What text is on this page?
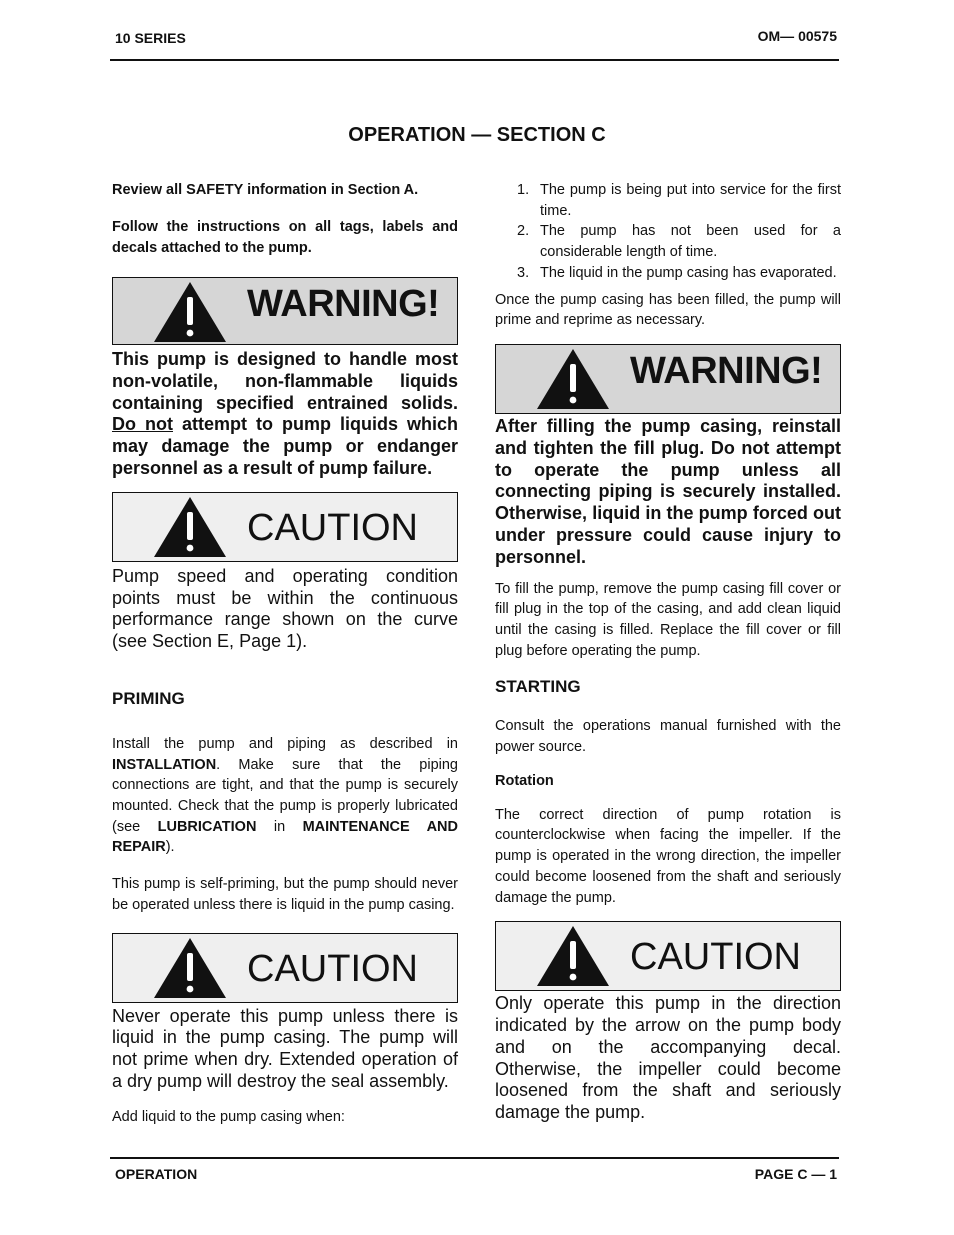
10 SERIES	OM— 00575
OPERATION — SECTION C

Review all SAFETY information in Section A.

Follow the instructions on all tags, labels and decals attached to the pump.

WARNING!

This pump is designed to handle most non-volatile, non-flammable liquids containing specified entrained solids. Do not attempt to pump liquids which may damage the pump or endanger personnel as a result of pump failure.

CAUTION

Pump speed and operating condition points must be within the continuous performance range shown on the curve (see Section E, Page 1).

PRIMING

Install the pump and piping as described in INSTALLATION. Make sure that the piping connections are tight, and that the pump is securely mounted. Check that the pump is properly lubricated (see LUBRICATION in MAINTENANCE AND REPAIR).

This pump is self-priming, but the pump should never be operated unless there is liquid in the pump casing.

CAUTION

Never operate this pump unless there is liquid in the pump casing. The pump will not prime when dry. Extended operation of a dry pump will destroy the seal assembly.

Add liquid to the pump casing when:

1. The pump is being put into service for the first time.
2. The pump has not been used for a considerable length of time.
3. The liquid in the pump casing has evaporated.

Once the pump casing has been filled, the pump will prime and reprime as necessary.

WARNING!

After filling the pump casing, reinstall and tighten the fill plug. Do not attempt to operate the pump unless all connecting piping is securely installed. Otherwise, liquid in the pump forced out under pressure could cause injury to personnel.

To fill the pump, remove the pump casing fill cover or fill plug in the top of the casing, and add clean liquid until the casing is filled. Replace the fill cover or fill plug before operating the pump.

STARTING

Consult the operations manual furnished with the power source.

Rotation

The correct direction of pump rotation is counterclockwise when facing the impeller. If the pump is operated in the wrong direction, the impeller could become loosened from the shaft and seriously damage the pump.

CAUTION

Only operate this pump in the direction indicated by the arrow on the pump body and on the accompanying decal. Otherwise, the impeller could become loosened from the shaft and seriously damage the pump.

OPERATION	PAGE C — 1
